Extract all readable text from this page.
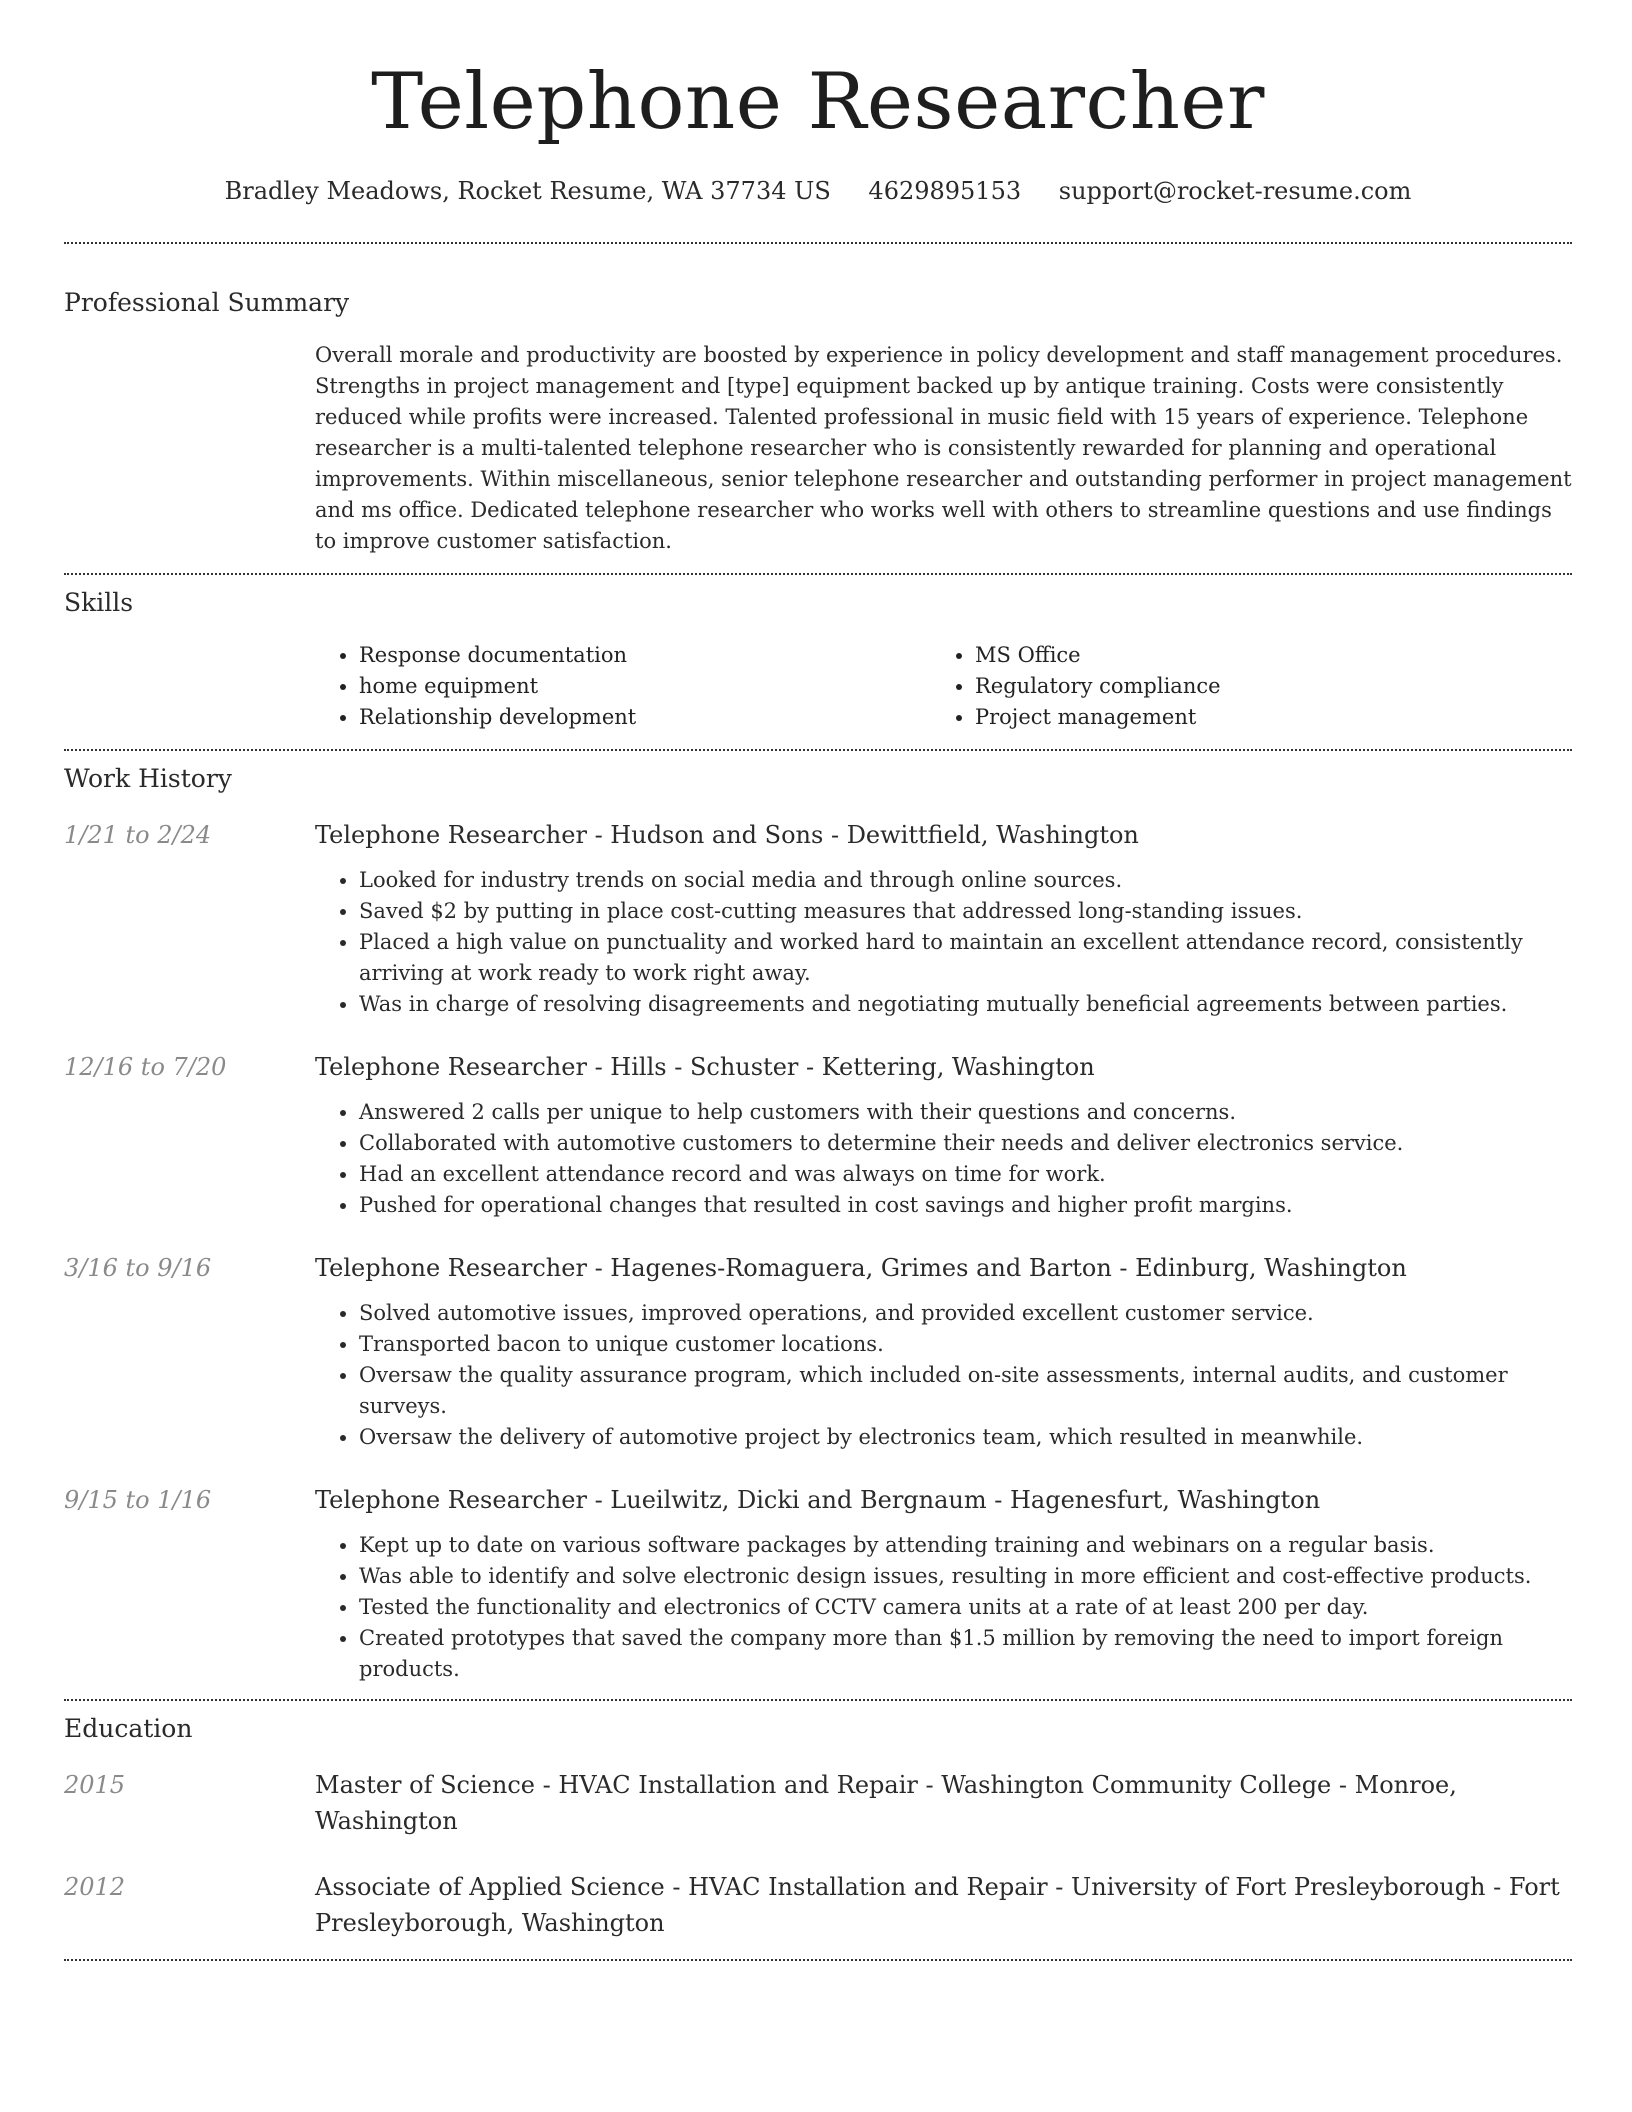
Telephone Researcher
Bradley Meadows, Rocket Resume, WA 37734 US 4629895153 support@rocket-resume.com
Professional Summary

Overall morale and productivity are boosted by experience in policy development and staff management procedures. Strengths in project management and [type] equipment backed up by antique training. Costs were consistently reduced while profits were increased. Talented professional in music field with 15 years of experience. Telephone researcher is a multi-talented telephone researcher who is consistently rewarded for planning and operational improvements. Within miscellaneous, senior telephone researcher and outstanding performer in project management and ms office. Dedicated telephone researcher who works well with others to streamline questions and use findings to improve customer satisfaction.

Skills
• Response documentation
• home equipment
• Relationship development
• MS Office
• Regulatory compliance
• Project management
Work History
1/21 to 2/24	Telephone Researcher - Hudson and Sons - Dewittfield, Washington
• Looked for industry trends on social media and through online sources.
• Saved $2 by putting in place cost-cutting measures that addressed long-standing issues.
• Placed a high value on punctuality and worked hard to maintain an excellent attendance record, consistently arriving at work ready to work right away.
• Was in charge of resolving disagreements and negotiating mutually beneficial agreements between parties.
12/16 to 7/20	Telephone Researcher - Hills - Schuster - Kettering, Washington
• Answered 2 calls per unique to help customers with their questions and concerns.
• Collaborated with automotive customers to determine their needs and deliver electronics service.
• Had an excellent attendance record and was always on time for work.
• Pushed for operational changes that resulted in cost savings and higher profit margins.
3/16 to 9/16	Telephone Researcher - Hagenes-Romaguera, Grimes and Barton - Edinburg, Washington
• Solved automotive issues, improved operations, and provided excellent customer service.
• Transported bacon to unique customer locations.
• Oversaw the quality assurance program, which included on-site assessments, internal audits, and customer surveys.
• Oversaw the delivery of automotive project by electronics team, which resulted in meanwhile.
9/15 to 1/16	Telephone Researcher - Lueilwitz, Dicki and Bergnaum - Hagenesfurt, Washington
• Kept up to date on various software packages by attending training and webinars on a regular basis.
• Was able to identify and solve electronic design issues, resulting in more efficient and cost-effective products.
• Tested the functionality and electronics of CCTV camera units at a rate of at least 200 per day.
• Created prototypes that saved the company more than $1.5 million by removing the need to import foreign products.
Education
2015	Master of Science - HVAC Installation and Repair - Washington Community College - Monroe, Washington
2012	Associate of Applied Science - HVAC Installation and Repair - University of Fort Presleyborough - Fort Presleyborough, Washington
